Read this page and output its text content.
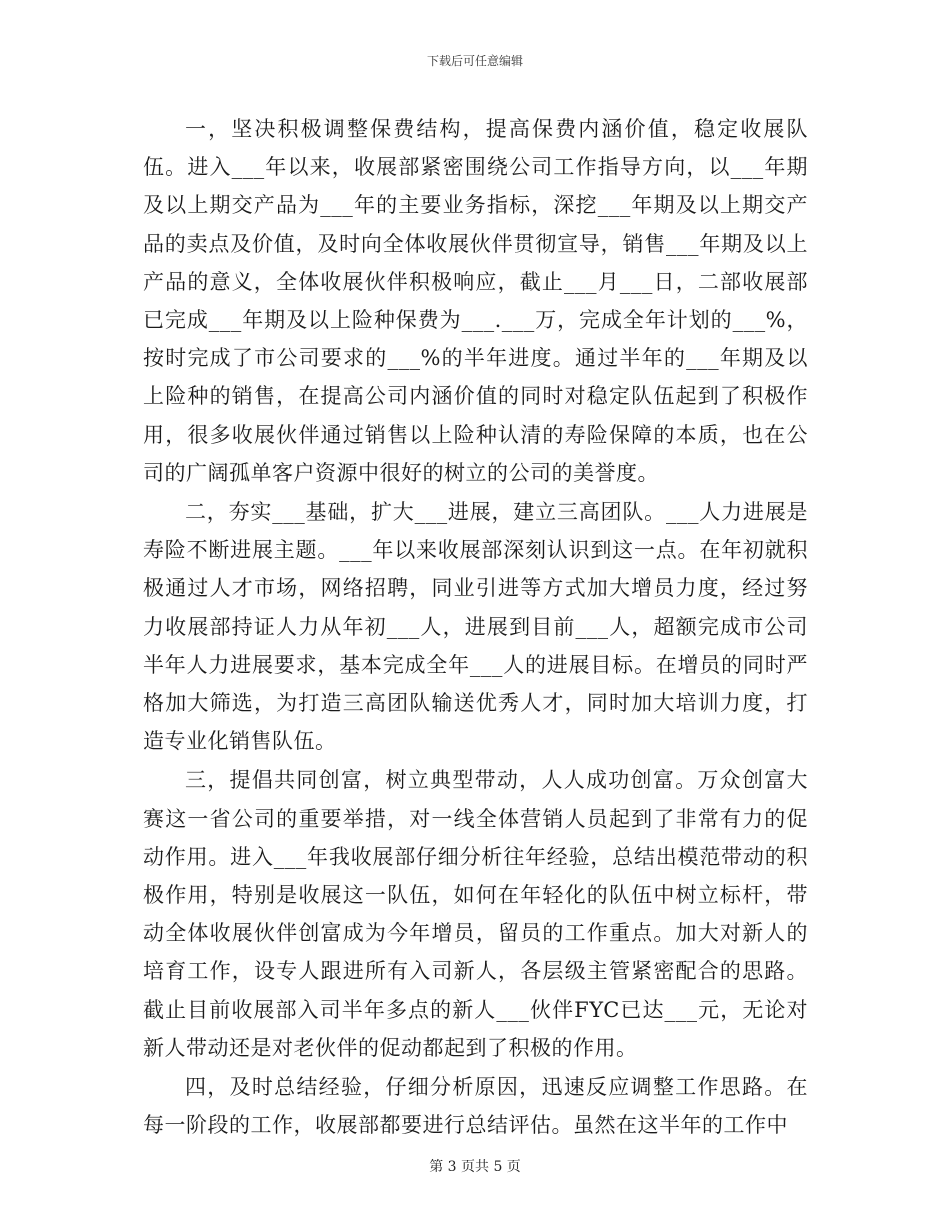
下载后可任意编辑

一，坚决积极调整保费结构，提高保费内涵价值，稳定收展队伍。进入___年以来，收展部紧密围绕公司工作指导方向，以___年期及以上期交产品为___年的主要业务指标，深挖___年期及以上期交产品的卖点及价值，及时向全体收展伙伴贯彻宣导，销售___年期及以上产品的意义，全体收展伙伴积极响应，截止___月___日，二部收展部已完成___年期及以上险种保费为___.___万，完成全年计划的___%，按时完成了市公司要求的___%的半年进度。通过半年的___年期及以上险种的销售，在提高公司内涵价值的同时对稳定队伍起到了积极作用，很多收展伙伴通过销售以上险种认清的寿险保障的本质，也在公司的广阔孤单客户资源中很好的树立的公司的美誉度。

二，夯实___基础，扩大___进展，建立三高团队。___人力进展是寿险不断进展主题。___年以来收展部深刻认识到这一点。在年初就积极通过人才市场，网络招聘，同业引进等方式加大增员力度，经过努力收展部持证人力从年初___人，进展到目前___人，超额完成市公司半年人力进展要求，基本完成全年___人的进展目标。在增员的同时严格加大筛选，为打造三高团队输送优秀人才，同时加大培训力度，打造专业化销售队伍。

三，提倡共同创富，树立典型带动，人人成功创富。万众创富大赛这一省公司的重要举措，对一线全体营销人员起到了非常有力的促动作用。进入___年我收展部仔细分析往年经验，总结出模范带动的积极作用，特别是收展这一队伍，如何在年轻化的队伍中树立标杆，带动全体收展伙伴创富成为今年增员，留员的工作重点。加大对新人的培育工作，设专人跟进所有入司新人，各层级主管紧密配合的思路。截止目前收展部入司半年多点的新人___伙伴FYC已达___元，无论对新人带动还是对老伙伴的促动都起到了积极的作用。

四，及时总结经验，仔细分析原因，迅速反应调整工作思路。在每一阶段的工作，收展部都要进行总结评估。虽然在这半年的工作中

第 3 页共 5 页
